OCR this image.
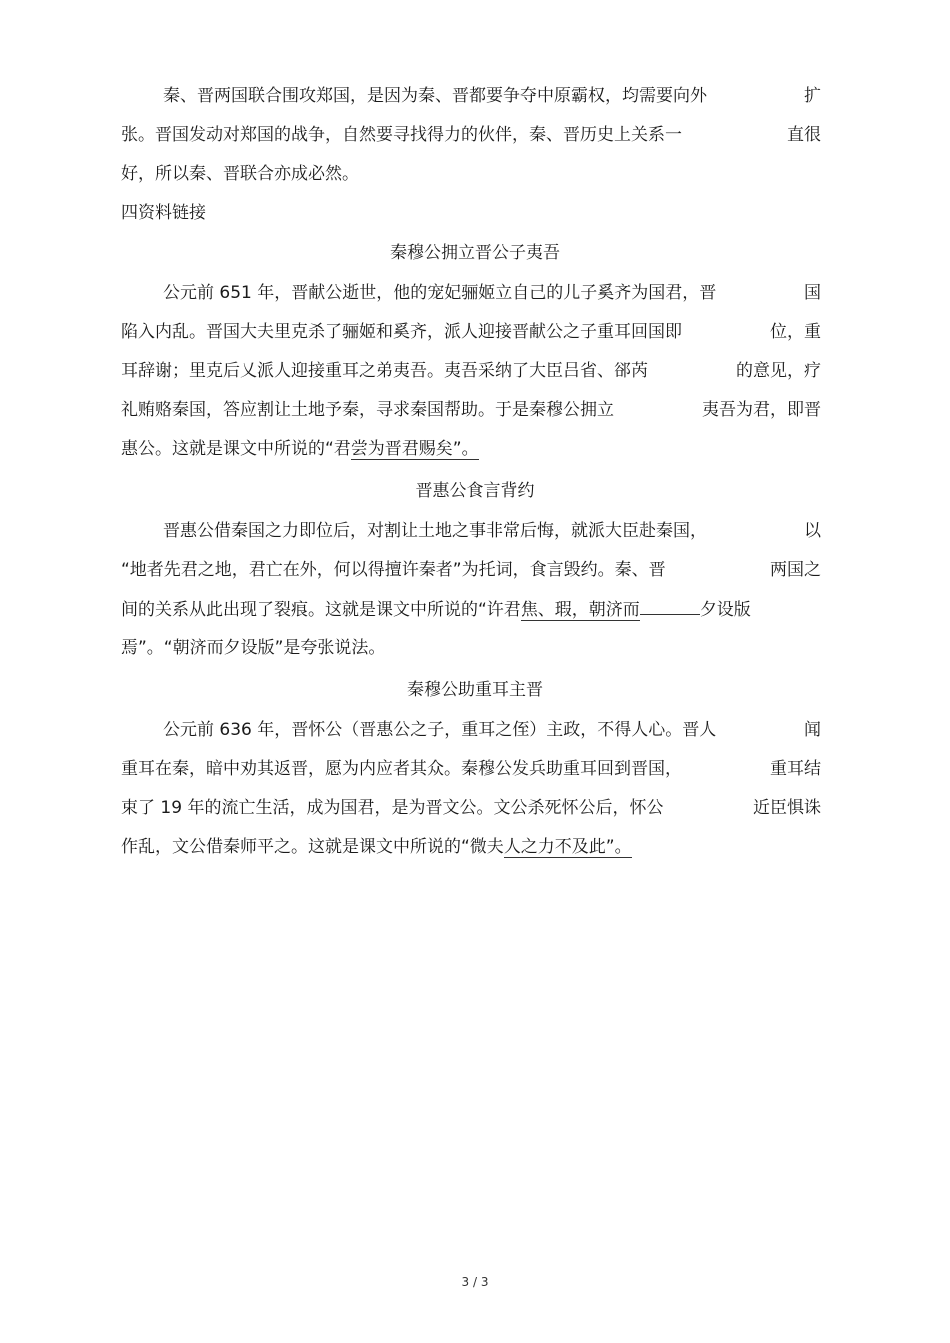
秦、晋两国联合围攻郑国，是因为秦、晋都要争夺中原霸权，均需要向外	扩
张。晋国发动对郑国的战争，自然要寻找得力的伙伴，秦、晋历史上关系一	直很
好，所以秦、晋联合亦成必然。
四资料链接
秦穆公拥立晋公子夷吾
公元前 651 年，晋献公逝世，他的宠妃骊姬立自己的儿子奚齐为国君，晋	国
陷入内乱。晋国大夫里克杀了骊姬和奚齐，派人迎接晋献公之子重耳回国即	位，重
耳辞谢；里克后乂派人迎接重耳之弟夷吾。夷吾采纳了大臣吕省、郤芮	的意见，疗
礼贿赂秦国，答应割让土地予秦，寻求秦国帮助。于是秦穆公拥立	夷吾为君，即晋
惠公。这就是课文中所说的“君尝为晋君赐矣”。
晋惠公食言背约
晋惠公借秦国之力即位后，对割让土地之事非常后悔，就派大臣赴秦国，	以
“地者先君之地，君亡在外，何以得擅许秦者”为托词，食言毁约。秦、晋	两国之
间的关系从此出现了裂痕。这就是课文中所说的“许君焦、瑕，朝济而	夕设版
焉”。“朝济而夕设版”是夸张说法。
秦穆公助重耳主晋
公元前 636 年，晋怀公（晋惠公之子，重耳之侄）主政，不得人心。晋人	闻
重耳在秦，暗中劝其返晋，愿为内应者其众。秦穆公发兵助重耳回到晋国，	重耳结
束了 19 年的流亡生活，成为国君，是为晋文公。文公杀死怀公后，怀公	近臣惧诛
作乱，文公借秦师平之。这就是课文中所说的“微夫人之力不及此”。
3 / 3
